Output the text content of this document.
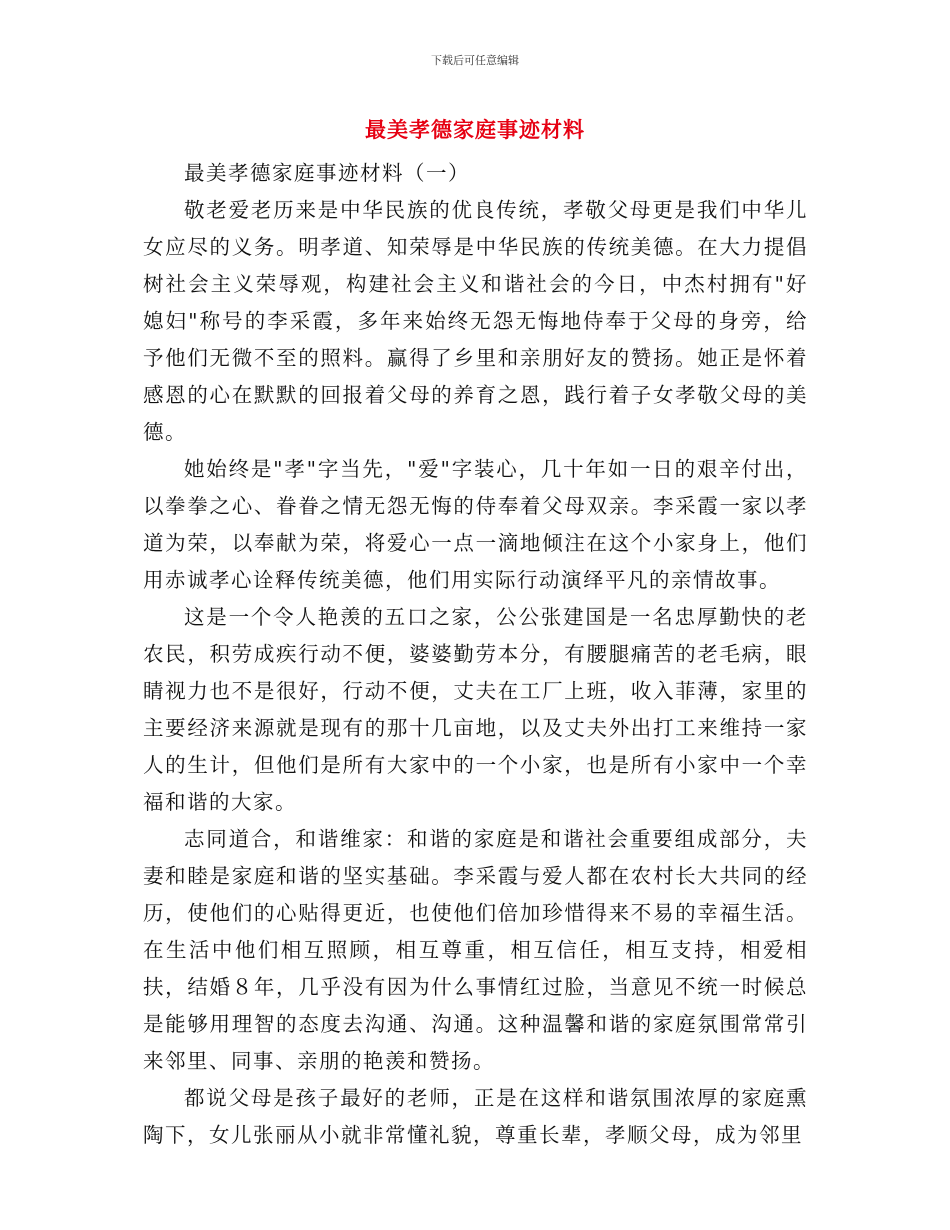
下载后可任意编辑
最美孝德家庭事迹材料

最美孝德家庭事迹材料（一）

敬老爱老历来是中华民族的优良传统，孝敬父母更是我们中华儿女应尽的义务。明孝道、知荣辱是中华民族的传统美德。在大力提倡树社会主义荣辱观，构建社会主义和谐社会的今日，中杰村拥有"好媳妇"称号的李采霞，多年来始终无怨无悔地侍奉于父母的身旁，给予他们无微不至的照料。赢得了乡里和亲朋好友的赞扬。她正是怀着感恩的心在默默的回报着父母的养育之恩，践行着子女孝敬父母的美德。

她始终是"孝"字当先，"爱"字装心，几十年如一日的艰辛付出，以拳拳之心、眷眷之情无怨无悔的侍奉着父母双亲。李采霞一家以孝道为荣，以奉献为荣，将爱心一点一滴地倾注在这个小家身上，他们用赤诚孝心诠释传统美德，他们用实际行动演绎平凡的亲情故事。

这是一个令人艳羡的五口之家，公公张建国是一名忠厚勤快的老农民，积劳成疾行动不便，婆婆勤劳本分，有腰腿痛苦的老毛病，眼睛视力也不是很好，行动不便，丈夫在工厂上班，收入菲薄，家里的主要经济来源就是现有的那十几亩地，以及丈夫外出打工来维持一家人的生计，但他们是所有大家中的一个小家，也是所有小家中一个幸福和谐的大家。

志同道合，和谐维家：和谐的家庭是和谐社会重要组成部分，夫妻和睦是家庭和谐的坚实基础。李采霞与爱人都在农村长大共同的经历，使他们的心贴得更近，也使他们倍加珍惜得来不易的幸福生活。在生活中他们相互照顾，相互尊重，相互信任，相互支持，相爱相扶，结婚８年，几乎没有因为什么事情红过脸，当意见不统一时候总是能够用理智的态度去沟通、沟通。这种温馨和谐的家庭氛围常常引来邻里、同事、亲朋的艳羡和赞扬。

都说父母是孩子最好的老师，正是在这样和谐氛围浓厚的家庭熏陶下，女儿张丽从小就非常懂礼貌，尊重长辈，孝顺父母，成为邻里
